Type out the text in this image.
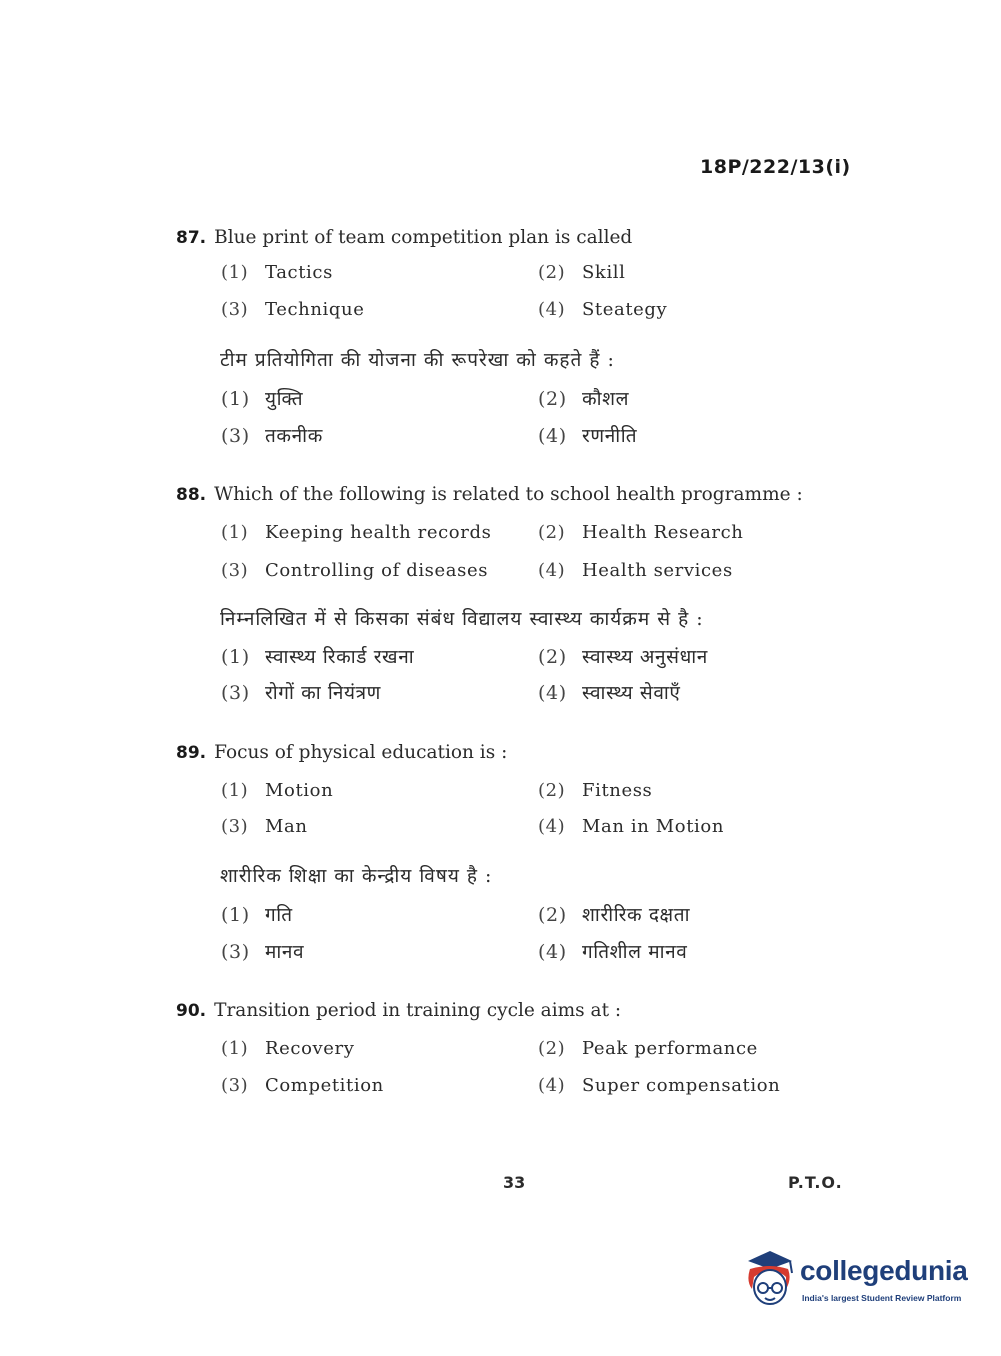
18P/222/13(i)
87. Blue print of team competition plan is called
(1) Tactics	(2) Skill
(3) Technique	(4) Steategy
टीम प्रतियोगिता की योजना की रूपरेखा को कहते हैं :
(1) युक्ति	(2) कौशल
(3) तकनीक	(4) रणनीति
88. Which of the following is related to school health programme :
(1) Keeping health records	(2) Health Research
(3) Controlling of diseases	(4) Health services
निम्नलिखित में से किसका संबंध विद्यालय स्वास्थ्य कार्यक्रम से है :
(1) स्वास्थ्य रिकार्ड रखना	(2) स्वास्थ्य अनुसंधान
(3) रोगों का नियंत्रण	(4) स्वास्थ्य सेवाएँ
89. Focus of physical education is :
(1) Motion	(2) Fitness
(3) Man	(4) Man in Motion
शारीरिक शिक्षा का केन्द्रीय विषय है :
(1) गति	(2) शारीरिक दक्षता
(3) मानव	(4) गतिशील मानव
90. Transition period in training cycle aims at :
(1) Recovery	(2) Peak performance
(3) Competition	(4) Super compensation
33	P.T.O.
collegedunia
India's largest Student Review Platform
